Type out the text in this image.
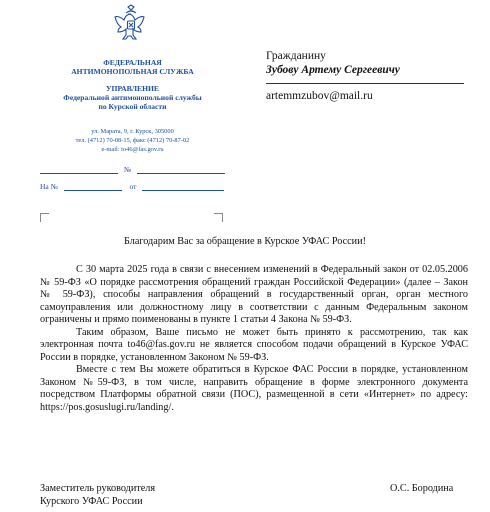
ФЕДЕРАЛЬНАЯ
АНТИМОНОПОЛЬНАЯ СЛУЖБА
УПРАВЛЕНИЕ
Федеральной антимонопольной службы
по Курской области
ул. Марата, 9, г. Курск, 305000
тел. (4712) 70-08-15, факс (4712) 70-87-02
e-mail: to46@fas.gov.ru
№
На №	от
Гражданину
Зубову Артему Сергеевичу
artemmzubov@mail.ru
Благодарим Вас за обращение в Курское УФАС России!

С 30 марта 2025 года в связи с внесением изменений в Федеральный закон от 02.05.2006 № 59-ФЗ «О порядке рассмотрения обращений граждан Российской Федерации» (далее – Закон № 59-ФЗ), способы направления обращений в государственный орган, орган местного самоуправления или должностному лицу в соответствии с данным Федеральным законом ограничены и прямо поименованы в пункте 1 статьи 4 Закона № 59-ФЗ.

Таким образом, Ваше письмо не может быть принято к рассмотрению, так как электронная почта to46@fas.gov.ru не является способом подачи обращений в Курское УФАС России в порядке, установленном Законом № 59-ФЗ.

Вместе с тем Вы можете обратиться в Курское ФАС России в порядке, установленном Законом №59-ФЗ, в том числе, направить обращение в форме электронного документа посредством Платформы обратной связи (ПОС), размещенной в сети «Интернет» по адресу: https://pos.gosuslugi.ru/landing/.

Заместитель руководителя
Курского УФАС России
О.С. Бородина
